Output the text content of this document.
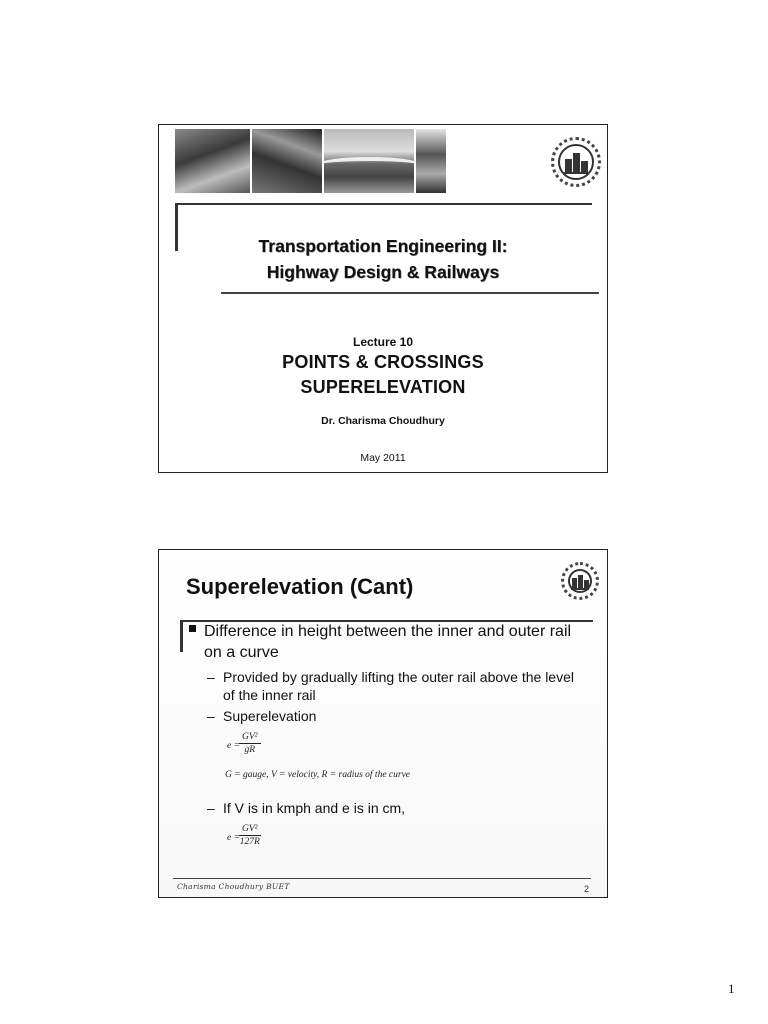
Transportation Engineering II:
Highway Design & Railways
Lecture 10
POINTS & CROSSINGS
SUPERELEVATION
Dr. Charisma Choudhury
May 2011
Superelevation (Cant)
Difference in height between the inner and outer rail on a curve
– Provided by gradually lifting the outer rail above the level of the inner rail
– Superelevation
e =
$\frac{\text{GV²}}{gR}$
G = gauge, V = velocity, R = radius of the curve
– If V is in kmph and e is in cm,
e =
$\frac{\text{GV²}}{127R}$
Charisma Choudhury BUET	2
1
